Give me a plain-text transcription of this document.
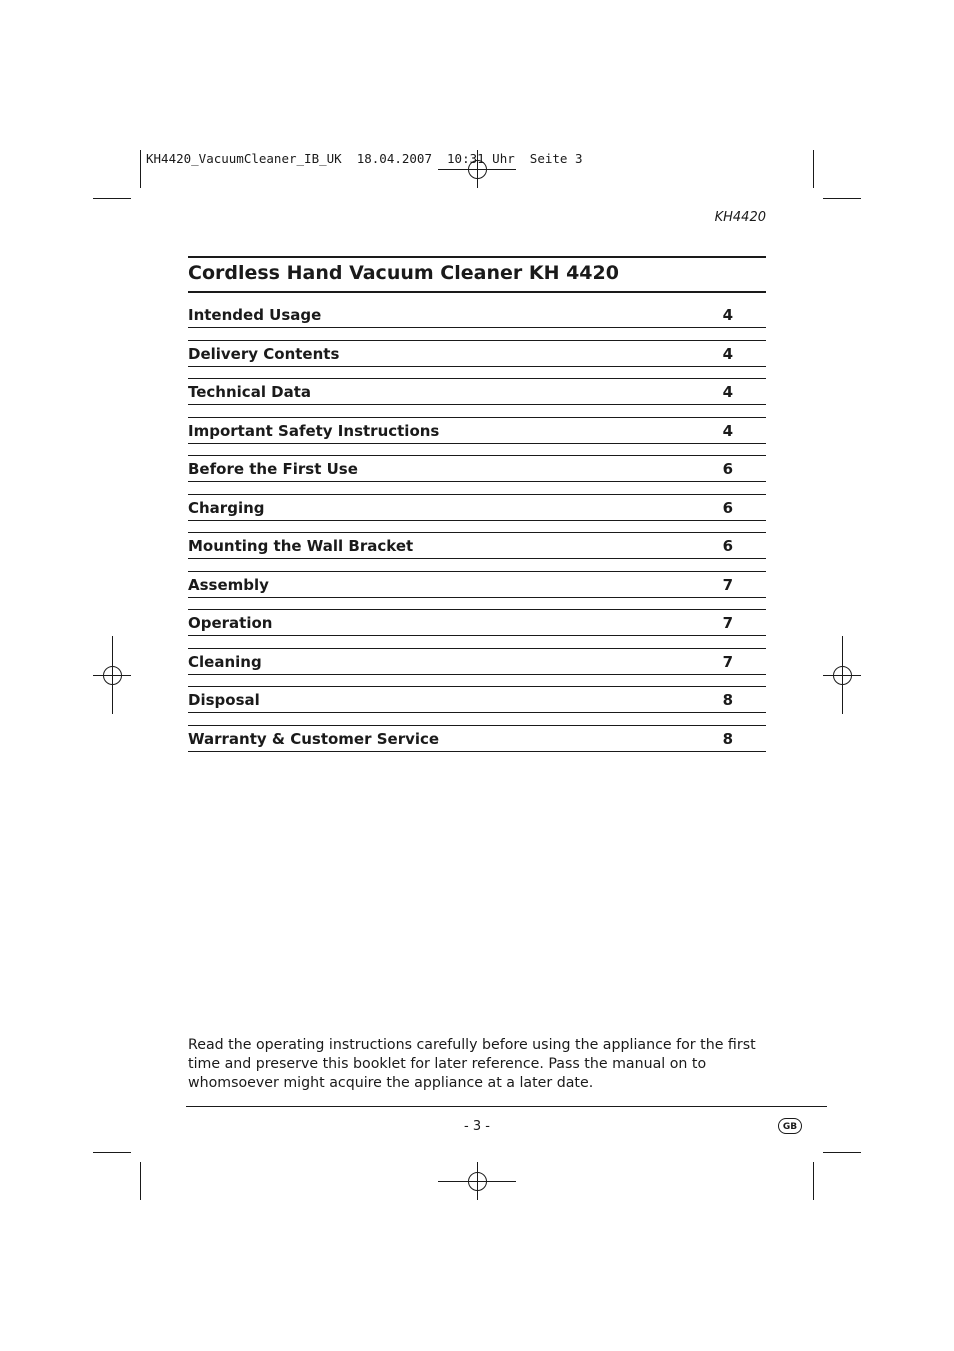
KH4420_VacuumCleaner_IB_UK  18.04.2007  10:31 Uhr  Seite 3
KH4420
Cordless Hand Vacuum Cleaner KH 4420
Intended Usage	4
Delivery Contents	4
Technical Data	4
Important Safety Instructions	4
Before the First Use	6
Charging	6
Mounting the Wall Bracket	6
Assembly	7
Operation	7
Cleaning	7
Disposal	8
Warranty & Customer Service	8
Read the operating instructions carefully before using the appliance for the first time and preserve this booklet for later reference. Pass the manual on to whomsoever might acquire the appliance at a later date.
- 3 -	GB
